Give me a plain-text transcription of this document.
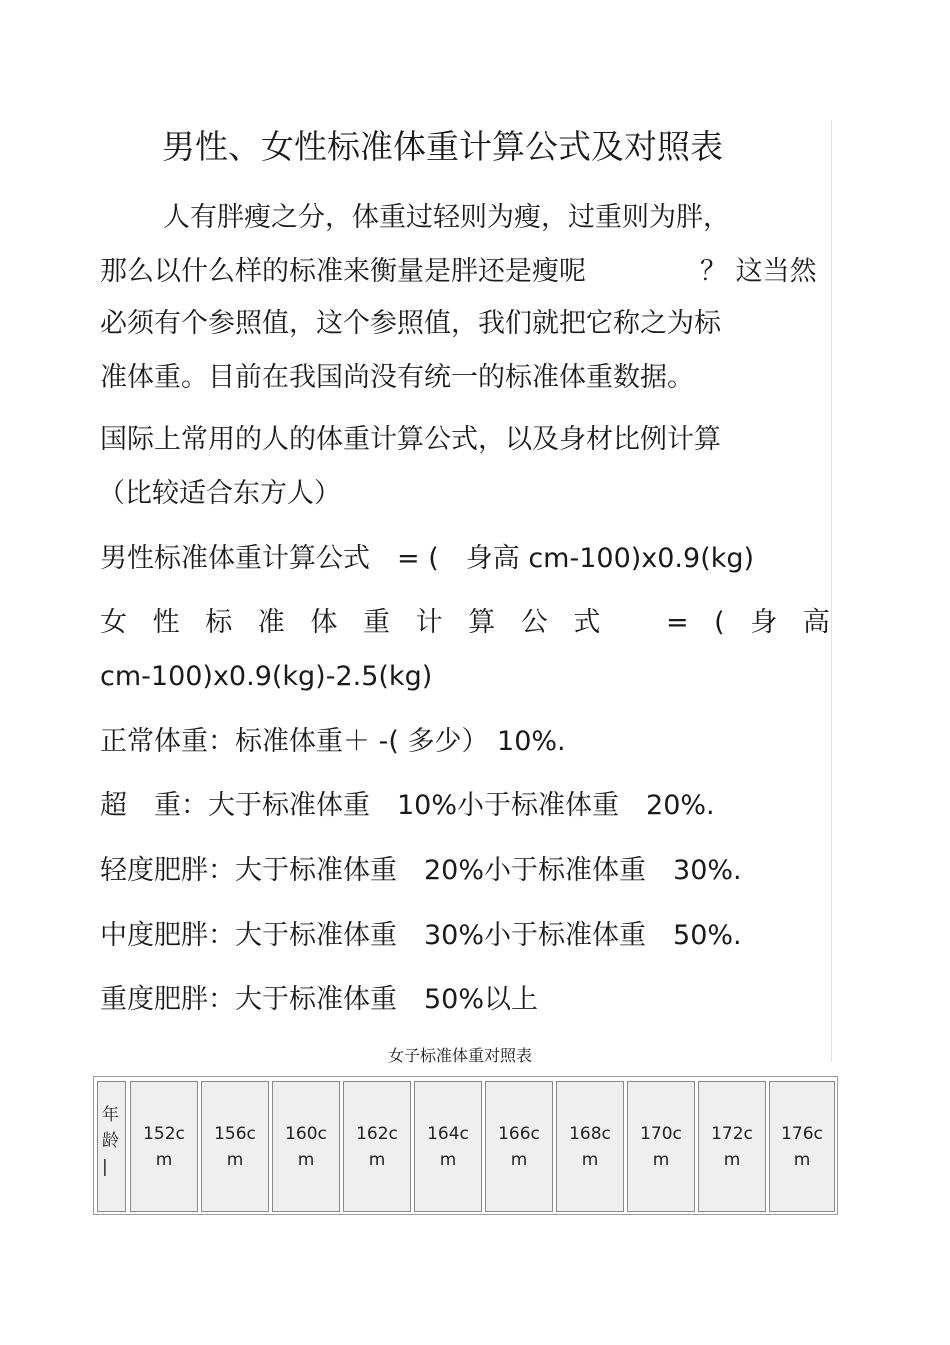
男性、女性标准体重计算公式及对照表
人有胖瘦之分，体重过轻则为瘦，过重则为胖，
那么以什么样的标准来衡量是胖还是瘦呢	？ 这当然
必须有个参照值，这个参照值，我们就把它称之为标
准体重。目前在我国尚没有统一的标准体重数据。
国际上常用的人的体重计算公式，以及身材比例计算
（比较适合东方人）
男性标准体重计算公式　= (　身高 cm-100)x0.9(kg)
女 性 标 准 体 重 计 算 公 式 = ( 身 高
cm-100)x0.9(kg)-2.5(kg)
正常体重：标准体重＋ -( 多少） 10%.
超　重：大于标准体重　10%小于标准体重　20%.
轻度肥胖：大于标准体重　20%小于标准体重　30%.
中度肥胖：大于标准体重　30%小于标准体重　50%.
重度肥胖：大于标准体重　50%以上
女子标准体重对照表
年
龄
|
152c
m
156c
m
160c
m
162c
m
164c
m
166c
m
168c
m
170c
m
172c
m
176c
m
